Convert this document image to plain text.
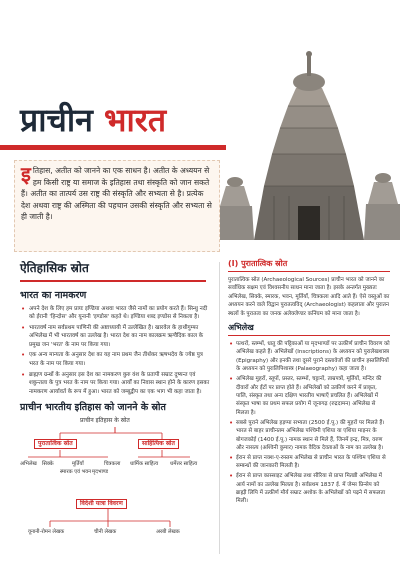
प्राचीन भारत
इतिहास, अतीत को जानने का एक साधन है। अतीत के अध्ययन से हम किसी राष्ट्र या समाज के इतिहास तथा संस्कृति को जान सकते हैं। अतीत का तात्पर्य उस राष्ट्र की संस्कृति और सभ्यता से है। प्रत्येक देश अथवा राष्ट्र की अस्मिता की पहचान उसकी संस्कृति और सभ्यता से ही जाती है।
ऐतिहासिक स्रोत
भारत का नामकरण
• अपने देश के लिए हम प्रायः इण्डिया अथवा भारत जैसे नामों का प्रयोग करते हैं। सिन्धु नदी को ईरानी 'हिन्दोस' और यूनानी 'इण्डोस' कहते थे। इण्डिया शब्द इण्डोस से निकला है।
• भारतवर्ष नाम सर्वप्रथम पाणिनी की अष्टाध्यायी में उल्लेखित है। खारवेल के हाथीगुम्फा अभिलेख में भी भारतवर्ष का उल्लेख है। भारत देश का नाम कालक्रम ऋग्वैदिक काल के प्रमुख जन 'भरत' के नाम पर किया गया।
• एक अन्य मान्यता के अनुसार देश का यह नाम प्रथम जैन तीर्थंकर ऋषभदेव के ज्येष्ठ पुत्र भरत के नाम पर किया गया।
• ब्राह्मण ग्रन्थों के अनुसार इस देश का नामकरण कुरु वंश के प्रतापी सम्राट दुष्यन्त एवं शकुन्तला के पुत्र भरत के नाम पर किया गया। आर्यों का निवास स्थान होने के कारण इसका नामकरण आर्यावर्त के रूप में हुआ। भारत को जम्बूद्वीप का एक भाग भी कहा जाता है।
प्राचीन भारतीय इतिहास को जानने के स्रोत
प्राचीन इतिहास के स्रोत
पुरातात्विक स्रोत	साहित्यिक स्रोत
अभिलेख सिक्के
स्मारक एवं भवन
मूर्तियाँ
मृदभाण्ड
चित्रकला धार्मिक साहित्य धर्मेत्तर साहित्य
विदेशी यात्रा विवरण
यूनानी-रोमन लेखक	चीनी लेखक	अरबी लेखक
(I) पुरातात्विक स्रोत

पुरातात्विक स्रोत (Archaeological Sources) प्राचीन भारत को जानने का सर्वाधिक सक्षम एवं विश्वसनीय साधन माना जाता है। इसके अन्तर्गत मुख्यतः अभिलेख, सिक्के, स्मारक, भवन, मूर्तियाँ, चित्रकला आदि आते हैं। ऐसे वस्तुओं का अध्ययन करने वाले विद्वान पुरातत्वविद् (Archaeologist) कहलाता और पुरातन स्थलों के पुरातत्व का जनक अलेक्जेण्डर कनिंघम को माना जाता है।

अभिलेख
• पत्थरों, स्तम्भों, धातु की पट्टिकाओं या मृदभाण्डों पर उत्कीर्ण प्राचीन विवरण को अभिलेख कहते हैं। अभिलेखों (Inscriptions) के अध्ययन को पुरालेखशास्त्र (Epigraphy) और इनकी तथा दूसरे पुराने दस्तावेजों की प्राचीन हस्तलिपियों के अध्ययन को पुरालिपिशास्त्र (Palaeography) कहा जाता है।
• अभिलेख मुहरों, स्तूपों, प्रस्तर, स्तम्भों, चट्टानों, ताम्रपत्रों, मूर्तियों, मन्दिर की दीवारों और ईंटों पर प्राप्त होते हैं। अभिलेखों को उत्कीर्ण करने में प्राकृत, पालि, संस्कृत तथा अन्य दक्षिण भारतीय भाषाएँ प्रचलित हैं। अभिलेखों में संस्कृत भाषा का प्रथम सफल प्रयोग में जूनागढ़ (रुद्रदामन) अभिलेख से मिलता है।
• सबसे पुराने अभिलेख हड़प्पा सभ्यता (2500 ई.पू.) की मुहरों पर मिलते हैं। भारत से बाहर प्राचीनतम अभिलेख पश्चिमी एशिया या एशिया माइनर के बोगजकोई (1400 ई.पू.) नामक स्थान से मिले हैं, जिनमें इन्द्र, मित्र, वरुण और नासत्य (अश्विनी कुमार) नामक वैदिक देवताओं के नाम का उल्लेख है।
• ईरान से प्राप्त नक्श-ए-रुस्तम अभिलेख से प्राचीन भारत के पश्चिम एशिया से सम्बन्धों की जानकारी मिलती है।
• ईरान से प्राप्त कास्साइट अभिलेख तथा सीरिया से प्राप्त मितन्नी अभिलेख में आर्य नामों का उल्लेख मिलता है। सर्वप्रथम 1837 ई. में जेम्स प्रिन्सेप को ब्राह्मी लिपि में उत्कीर्ण मौर्य सम्राट अशोक के अभिलेखों को पढ़ने में सफलता मिली।
